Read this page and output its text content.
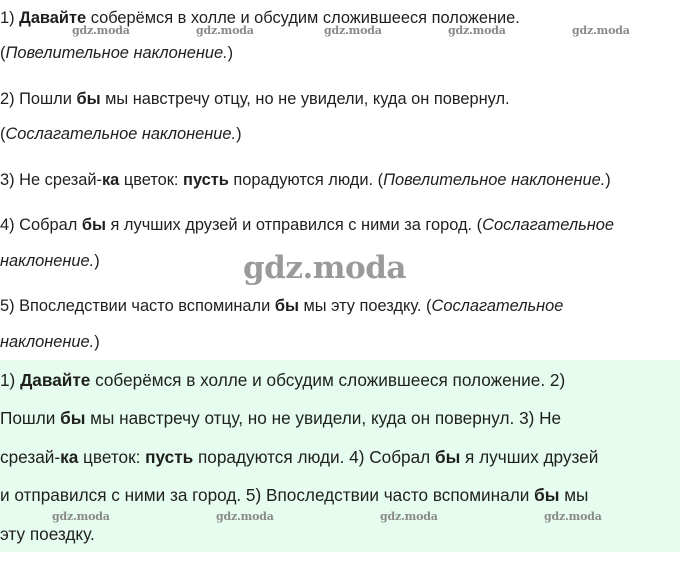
1) Давайте соберёмся в холле и обсудим сложившееся положение.
(Повелительное наклонение.)
2) Пошли бы мы навстречу отцу, но не увидели, куда он повернул.
(Сослагательное наклонение.)
3) Не срезай-ка цветок: пусть порадуются люди. (Повелительное наклонение.)
4) Собрал бы я лучших друзей и отправился с ними за город. (Сослагательное
наклонение.)
5) Впоследствии часто вспоминали бы мы эту поездку. (Сослагательное
наклонение.)
1) Давайте соберёмся в холле и обсудим сложившееся положение. 2)
Пошли бы мы навстречу отцу, но не увидели, куда он повернул. 3) Не
срезай-ка цветок: пусть порадуются люди. 4) Собрал бы я лучших друзей
и отправился с ними за город. 5) Впоследствии часто вспоминали бы мы
эту поездку.
gdz.moda	gdz.moda	gdz.moda	gdz.moda	gdz.moda
gdz.moda
gdz.moda	gdz.moda	gdz.moda	gdz.moda
